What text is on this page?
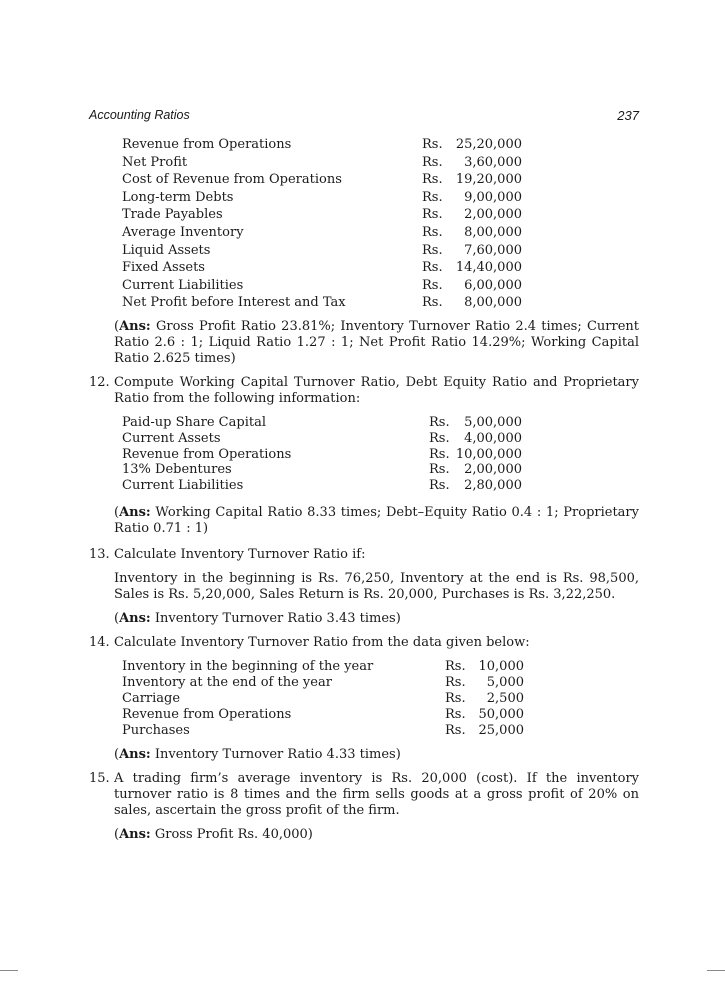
Accounting Ratios	237
Revenue from Operations	Rs.	25,20,000
Net Profit	Rs.	3,60,000
Cost of Revenue from Operations	Rs.	19,20,000
Long-term Debts	Rs.	9,00,000
Trade Payables	Rs.	2,00,000
Average Inventory	Rs.	8,00,000
Liquid Assets	Rs.	7,60,000
Fixed Assets	Rs.	14,40,000
Current Liabilities	Rs.	6,00,000
Net Profit before Interest and Tax	Rs.	8,00,000
(Ans: Gross Profit Ratio 23.81%; Inventory Turnover Ratio 2.4 times; Current Ratio 2.6 : 1; Liquid Ratio 1.27 : 1; Net Profit Ratio 14.29%; Working Capital Ratio 2.625 times)
12. Compute Working Capital Turnover Ratio, Debt Equity Ratio and Proprietary Ratio from the following information:
Paid-up Share Capital	Rs.	5,00,000
Current Assets	Rs.	4,00,000
Revenue from Operations	Rs.	10,00,000
13% Debentures	Rs.	2,00,000
Current Liabilities	Rs.	2,80,000
(Ans: Working Capital Ratio 8.33 times; Debt–Equity Ratio 0.4 : 1; Proprietary Ratio 0.71 : 1)
13. Calculate Inventory Turnover Ratio if:
Inventory in the beginning is Rs. 76,250, Inventory at the end is Rs. 98,500, Sales is Rs. 5,20,000, Sales Return is Rs. 20,000, Purchases is Rs. 3,22,250.
(Ans: Inventory Turnover Ratio 3.43 times)
14. Calculate Inventory Turnover Ratio from the data given below:
Inventory in the beginning of the year	Rs.	10,000
Inventory at the end of the year	Rs.	5,000
Carriage	Rs.	2,500
Revenue from Operations	Rs.	50,000
Purchases	Rs.	25,000
(Ans: Inventory Turnover Ratio 4.33 times)
15. A trading firm’s average inventory is Rs. 20,000 (cost). If the inventory turnover ratio is 8 times and the firm sells goods at a gross profit of 20% on sales, ascertain the gross profit of the firm.
(Ans: Gross Profit Rs. 40,000)
